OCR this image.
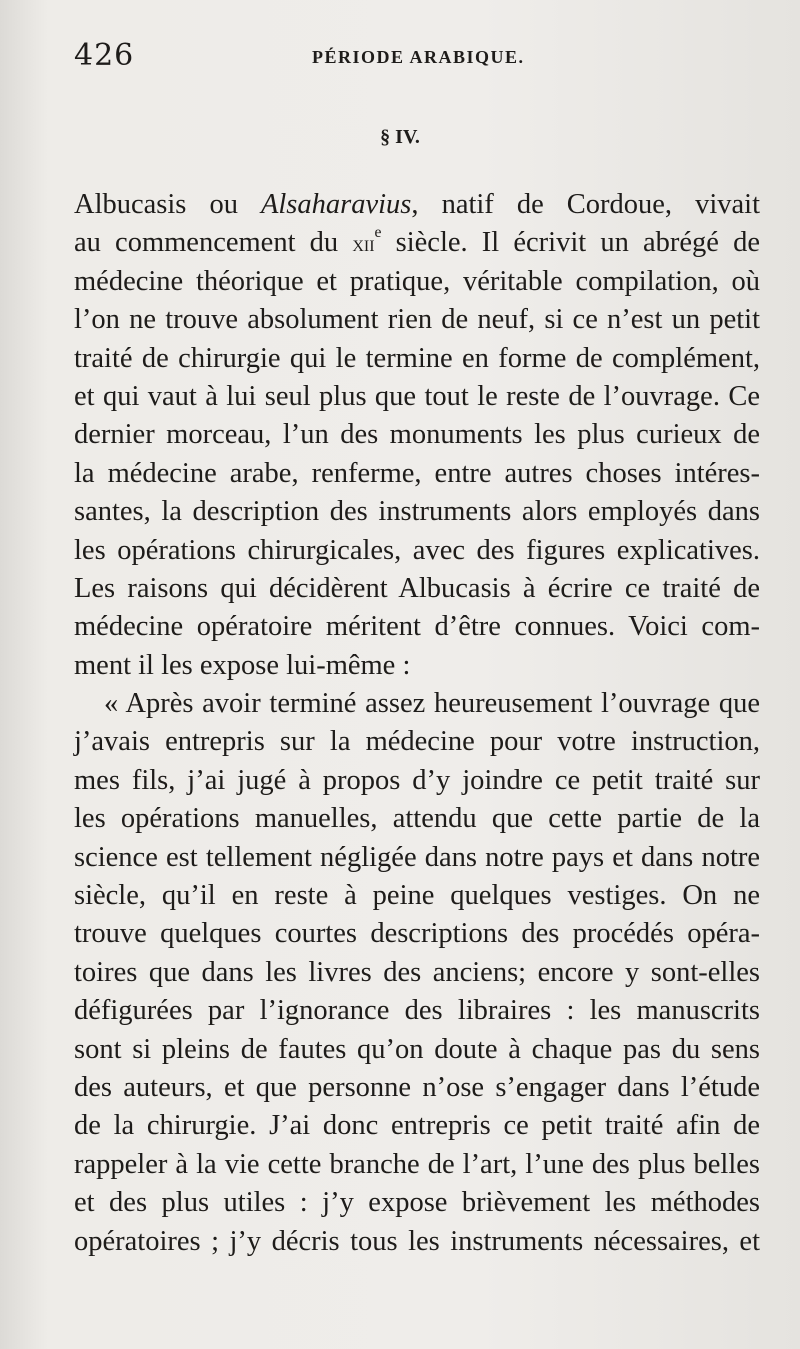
426	PÉRIODE ARABIQUE.
§ IV.
Albucasis ou Alsaharavius, natif de Cordoue, vivait
au commencement du xii$^e$ siècle. Il écrivit un abrégé de
médecine théorique et pratique, véritable compilation, où
l’on ne trouve absolument rien de neuf, si ce n’est un petit
traité de chirurgie qui le termine en forme de complément,
et qui vaut à lui seul plus que tout le reste de l’ouvrage. Ce
dernier morceau, l’un des monuments les plus curieux de
la médecine arabe, renferme, entre autres choses intéres-
santes, la description des instruments alors employés dans
les opérations chirurgicales, avec des figures explicatives.
Les raisons qui décidèrent Albucasis à écrire ce traité de
médecine opératoire méritent d’être connues. Voici com-
ment il les expose lui-même :
« Après avoir terminé assez heureusement l’ouvrage que
j’avais entrepris sur la médecine pour votre instruction,
mes fils, j’ai jugé à propos d’y joindre ce petit traité sur
les opérations manuelles, attendu que cette partie de la
science est tellement négligée dans notre pays et dans notre
siècle, qu’il en reste à peine quelques vestiges. On ne
trouve quelques courtes descriptions des procédés opéra-
toires que dans les livres des anciens; encore y sont-elles
défigurées par l’ignorance des libraires : les manuscrits
sont si pleins de fautes qu’on doute à chaque pas du sens
des auteurs, et que personne n’ose s’engager dans l’étude
de la chirurgie. J’ai donc entrepris ce petit traité afin de
rappeler à la vie cette branche de l’art, l’une des plus belles
et des plus utiles : j’y expose brièvement les méthodes
opératoires ; j’y décris tous les instruments nécessaires, et
